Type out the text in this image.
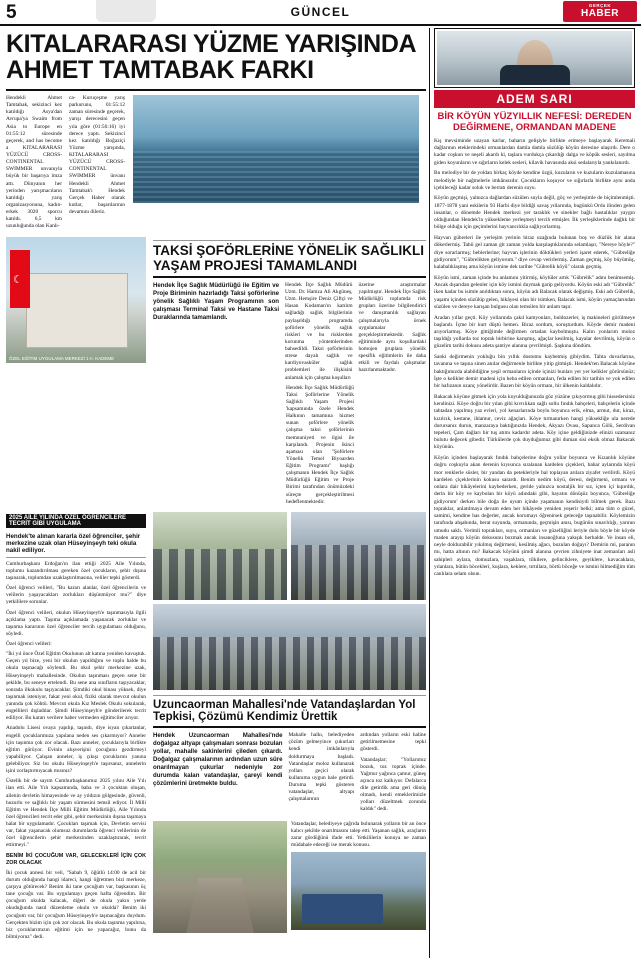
5	GÜNCEL	GERÇEK
HABER
KITALARARASI YÜZME YARIŞINDA AHMET TAMTABAK FARKI

Hendekli Ahmet Tamtabak, sekizinci kez katıldığı Asya'dan Avrupa'ya Swaim from Asia to Europe en 01:55:12 süresinde geçerek, and has become a KITALARARASI YÜZÜCÜ CROSS-CONTINENTAL SWIMMER unvanıyla büyük bir başarıya imza attı. Dünyanın her yerinden yarışmacıların katıldığı yarış organizasyonuna, kadın-erkek 3020 sporcu katıldı. 6,5 km uzunluğunda olan Kanlı-

ca- Kuruçeşme yarış parkurunu, 01:55:12 zaman süresinde geçerek, yarışı derecesini geçen yıla göre (01:56:16) iyi derece yaptı. Sekizinci kez katıldığı Boğaziçi Yüzme yarışında, KITALARARASI YÜZÜCÜ CROSS-CONTINENTAL SWIMMER ünvanı Hendekli Ahmet Tamtabak'ı Hendek Gerçek Haber olarak kutlar, başarılarının devamını dileriz.

☾
ÖZEL EĞİTİM UYGULAMA MERKEZİ 1-II. KADEME
TAKSİ ŞOFÖRLERİNE YÖNELİK SAĞLIKLI YAŞAM PROJESİ TAMAMLANDI
Hendek İlçe Sağlık Müdürlüğü ile Eğitim ve Proje Biriminin hazırladığı Taksi şoförlerine yönelik Sağlıklı Yaşam Programının son çalışması Terminal Taksi ve Hastane Taksi Duraklarında tamamlandı.

Hendek İlçe Sağlık Müdürü Uzm. Dr. Hamza Ali Akgüneş, Uzm. Hemşire Deniz Çiftçi ve Hasan Kodaman'ın katılım sağladığı sağlık bilgilerinin paylaşıldığı programda şoförlere yönelik sağlık riskleri ve bu risklerden korunma yöntemlerinden bahsedildi. Taksi şoförlerinin strese dayalı sağlık ve kardiyovasküler sağlık problemleri ile ilişkisini anlamak için çalışma koşulları

üzerine araştırmalar yapılmıştır. Hendek İlçe Sağlık Müdürlüğü toplumda risk grupları üzerine bilgilendirici ve danışmanlık sağlayan çalışmalarıyla örnek uygulamalar gerçekleştirmektedir. Sağlık eğitiminde aynı koşullardaki homojen gruplara yönelik spesifik eğitimlerin ile daha etkili ve faydalı çalışmalar hazırlanmaktadır.

Hendek İlçe Sağlık Müdürlüğü Taksi Şoförlerine Yönelik Sağlıklı Yaşam Projesi 'kapsamında özele Hendek Halkının tamamına hizmet sunan şoförlere yönelik çalışma taksi şoförlerinin memnuniyeti ve ilgisi ile karşılandı. Projenin ikinci aşaması olan "Şoförlere Yönelik Temel Biyoarden Eğitim Programı" başlığı çalışmanın Hendek İlçe Sağlık Müdürlüğü Eğitim ve Proje Birimi tarafından önümüzdeki süreçte gerçekleştirilmesi hedeflenmektedir.

2025 AİLE YILINDA ÖZEL ÖĞRENCİLERE TECRİT GİBİ UYGULAMA
Hendek'te alınan kararla özel öğrenciler, şehir merkezine uzak olan Hüseyinşeyh teki okula nakil ediliyor.

Cumhurbaşkanı Erdoğan'ın ilan ettiği 2025 Aile Yılında, toplumu kazandırılması gereken özel çocukların, şehir dışına taşınarak, toplumdan uzaklaştırılmasına, veliler tepki gösterdi.

Özel öğrenci velileri, "Bu kararı alanlar, özel öğrencilerin ve velilerin yaşayacakları zorlukları düşünmüyor mu?" diye yetkililere sorunlar.

Özel öğrenci velileri, okulun Hüseyinşeyh'e taşınmasıyla ilgili açıklama yaptı. Taşıma açıklamada yaşanacak zorluklar ve taşınma kararının özel öğrenciler tercih uygulaması olduğunu, söyledi.

Özel öğrenci velileri:

"İki yıl önce Özel Eğitim Okulunun alt katına yeniden kavuştuk. Geçen yıl bize, yeni bir okulun yapıldığını ve toplu halde bu okula taşınacağı söylendi. Bu okul şehir merkezine uzak, Hüseyinşeyh mahallesinde. Okulun taşınması geçen sene bir şekilde, bu seneye ertelendi. Bu sene ana sınıfların taşıyacaklar, sonrada ilkokulu taşıyacaklar. Şimdiki okul binası yüksek, diye taşınmak isteniyor, fakat yeni okul, fiziki olarak mevcut okulun yanında çok köhtü. Mevcut okula Kız Meslek Okulu sokularak, engellileri dışladılar. Şimdi Hüseyinşeyh'e gönderilerek tecrit ediliyor. Bu kararı verilere haber vermeden eğitimciler arıyor.

Anadolu Lisesi ovaya yapılıp, taşındı, diye isyan çıkartanlar, engelli çocuklarımıza yapılana neden ses çıkarmıyor? Anneler için taşınma çok zor olacak. Bazı anneler, çocuklarıyla birlikte eğitim görüyor. Evinin alışverişini çocuğunu gezdirmeyi yapabiliyor. Çalışan anneler, iş çıkışı çocuklarını yanına gelebiliyor. Siz bu okulu Hüseyinşeyh'e taşırsanız, annelerin işini zorlaştırmıyacak mısınız?

Üstelik bir de sayım Cumhurbaşkanımız 2025 yılını Aile Yılı ilan etti. Aile Yılı kapsamında, baba ve 3 çocuktan oluşan, ailenin devletin himayesinde ve ay yıldızın gölgesinde, güvenli, huzurlu ve sağlıklı bir yaşam sürmesini temsil ediyor. İl Milli Eğitim ve Hendek İlçe Milli Eğitim Müdürlüğü, Aile Yılında özel öğrencileri tecrit eder gibi, şehir merkezinin dışına taşımaya halat bir uygulamadır. Çocukları taşımak için, Devletin servisi var, fakat yaşanacak olumsuz durumlarda öğrenci velilerinin de özel öğrencilerin şehir merkezinden uzaklaştırarak, tecrit ettirmeyi."

BENİM İKİ ÇOCUĞUM VAR, GELECEKLERİ İÇİN ÇOK ZOR OLACAK

İki çocuk annesi bir veli, "Sabah 9, öğütlü 14:00 de acil bir durum olduğunda hangi idareci, hangi öğretmen bizi merkeze, çarşıya götürecek? Benim iki tane çocuğum var, başkasının üç tane çocuğu var. Bu uygulamayı geçen hafta öğrendim. Bir çocuğum okulda kalacak, diğeri de okula yakın yerde okuduğunda nasıl düzenleme okulu ve okulda? Benim iki çocuğum var, bir çocuğum Hüseyinşeyh'e taşınacağını duydum. Gerçekten bizim için çok zor olacak. Bu okula taşınma yapılırsa, biz çocuklarımızın eğitimi için ne yapacağız, bunu da bilmiyoruz" dedi.

Uzuncaorman Mahallesi'nde Vatandaşlardan Yol Tepkisi, Çözümü Kendimiz Ürettik
Hendek Uzuncaorman Mahallesi'nde doğalgaz altyapı çalışmaları sonrası bozulan yollar, mahalle sakinlerini çileden çıkardı. Doğalgaz çalışmalarının ardından uzun süre onarılmayan çukurlar nedeniyle zor durumda kalan vatandaşlar, çareyi kendi çözümlerini üretmekte buldu.

Mahalle halkı, belediyeden çözüm gelmeyince çukurları kendi imkânlarıyla doldurmaya başladı. Vatandaşlar moloz kullanarak yolları geçici olarak kullanıma uygun hale getirdi. Duruma tepki gösteren vatandaşlar, altyapı çalışmalarının

ardından yolların eski haline getirilmemesine tepki gösterdi.

Vatandaşlar; "Yollarımız bozuk, toz toprak içinde. Yağmur yağınca çamur, güneş açınca toz kalkıyor. Defalarca dile getirdik ama geri dönüş olmadı, kendi emeklerimizle yolları düzeltmek zorunda kaldık" dedi.

Vatandaşlar, belediyeye çağrıda bulunarak yolların bir an önce kalıcı şekilde onarılmasını talep etti. Yaşanan sağlık, araçların zarar gördüğünü ifade etti. Yetkililerin konuya ne zaman müdahale edeceği ise merak konusu.

ADEM SARI
BİR KÖYÜN YÜZYILLIK NEFESİ: DEREDEN DEĞİRMENE, ORMANDAN MADENE

Kış mevsiminde uzayan karlar, baharın gelişiyle birlikte erimeye başlayarak Keremali dağlarının eteklerindeki ormanlardan damla damla süzülüp köyün deresine ulaşırdı. Dere o kadar coşkun ve neşeli akardı ki, taşlara vurdukça çıkardığı dalga ve köpük sesleri, sayılma giden koyunların ve sığırların kelek sesleri, kilavik havasında aksi sedalarıyla yankılanırdı.

Bu melodiye bir de yoldan birkaç köyde kendine özgü, kuzuların ve kuzuların kuzulamasına melodiyle bir nağmelerle imkânsızdır. Çocukların koşuyor ve sığırlarla birlikte aynı anda içebileceği kadar soluk ve berratı derenin suyu.

Köyün geçmişi, yalnızca dağlardan süzülen suyla değil, göç ve yerleşimle de biçimlenmişti. 1877-1878 yani eskilerin 93 Harbi diye bildiği savaş yıllarında, bugünkü Ordu ilinden gelen insanlar, o dönemde Hendek merkezi yer taraklık ve sinekler bağlı hastalıklar yaygın olduğundan Hendek'in yüksekleme yerleşmeyi tercih etmişler. İlk yerleşiklerinde dağlık bir bölge olduğu için geçimlerini hayvancılıkla sağlıyorlarmış.

Hayvan gübreleri ile yerleşim yerinin biraz uzağında bulunan boş ve düzlük bir alana dökerlermiş. Tabii gel zaman git zaman yolda karşılaştıklarında selamlaşır, "Nereye böyle?" diye sorarlarmış; beblerlerine; hayvan işlerinin döktükleri yerleri işaret ederek, "Gübreliğe gidiyorum", "Gübrelikten geliyorum." diye cevap verirlermiş. Zaman geçmiş, köy büyümüş, kalabalıklaşmış ama köyün ismine dek tarihte "Gübrelik köyü" olarak geçmiş.

Köyün ismi, zaman içinde bu anlamını yitirmiş, köylüler artık "Gübrelik" adını benimsemiş. Ancak dışarıdan gelenler için köy ismini duymak garip geliyordu. Köyün eski adı "Gübrelik" iken kadar bu isimle anıldıktan sonra, köyün adı Balacak olarak değişmiş. Eski adı Gübrelik, yaşamı içinden süzülüp gelen, hikâyesi olan bir isimken, Balacak ismi, köyün yamaçlarından süzülen ve dereye karışan bulgusu olan temsilen bir anlam taşır.

Aradan yıllar geçti. Köy yollarında çakıl kamyonları, buldozerler, iş makineleri görülmeye başlandı. İçme bir kurt düştü hemen. Biraz sordum, soruşturdum. Köyde demir madeni arıyorlarmış. Köye gittiğimde değirmen ortadan kaybolmuştu. Kalın yonlarım moloz taşıldığı yollarda toz toprak birbirine karışmış, ağaçlar kesilmiş, kayalar devrilmiş, köyün o güzelim tarihi dokusu adeta şantiye alanına çevrilmişti. Şaşkına döndüm.

Sanki değirmenin yokluğu bin yıllık dostumu kaybetmiş gibiydim. Tahta duvarlarına, tavanına ve taşına sinen anılar değirmenle birlikte yitip gitmişti. Hendek'ten Balacak köyüne baktığımızda alabildiğine yeşil ormanların içinde içinizi bunları yer yer kelikler görürsünüz; İşte o kelikler demir madeni için heba edilen ormanları, feda edilen bir tarihin ve yok edilen bir hafızanın uzanç yönelirdir. Bazen bir köyün ormanı, bir ülkenin kaldalıdır.

Bakacak köyüne gitmek için yola koyulduğunuzda göz yüzüne çıkıyormuş gibi hissedersiniz kendinizi. Köye doğru bir yılan gibi kıvrılıkan sağlı sollu fındık bahçeleri, bahçelerin içinde tahtadan yapılmış yaz evleri, yol kenarlarında boylu boyunca erik, elma, armut, dut, kiraz, kızılcık, kestane, ihlamur, ceviz ağaçları. Köye tırmanırken hangi yüksekliğe ula nerede durursanız durun, manzaraya baktığınızda Hendek, Akyazı Ovası, Sapanca Gölü, Serdivan tepeleri, Çam dağları bir tuş atımı kadardır adeta. Köy içine geldiğinizde elinizi uzatsanız bulutu değecek gibedir. Türkülerde çok duyduğumuz gibi duman sisi eksik olmaz Bakacak köyünün.

Köyün içinden başlayarak fındık bahçelerine doğru yollar boyunca ve Kızanlık köyüne doğru coşkuyla akan derenin kıyısınca sıralanan kardelen çiçekleri, bahar aylarında köyü mor renklerle süsler, bir yandan da petekleriyle bal toplayan arılara ziyafet verilirdi. Köyü kardelen çiçeklerinin kokusu sarardı. Benim nedim köyü, deresi, değirmeni, ormanı ve onlara dair hikâyelerini kaybederken, geride yalnızca nostaljik bir sız, içten içi kıpırdık, derin bir köy ve kaybolan bir köyü adındaki gibi, hayatın dönüşüz boyunca, 'Gübreliğe gidiyorum' derken bile doğa ile uyum içinde yaşamanın kendisiydi bilmek gerek. Bazı topraklar, anlatılmaya devam eden her hikâyede yeniden yeşerir belki; ama tüm o güzel, samimi, kendine has değerler, ancak korumayı öğrenirsek geleceğe taşınabilir. Köylemizin tarafında ahşabında, berat suyunda, ormanında, geçmişin anısı, bugünün sınavlılığı, yarının umudu saklı. Verimli toprakları, suyu, ormanları ve güzelliğini leriyle dolu böyle bir köyde maden arayıp köyün dokusunu bozmak ancak insanoğluna yakışık herhalde. Ve insan eli, neyle doldurabilir yıkılmış değirmeni, kesilmiş ağacı, bozulan doğayı? Demirin mi, paranın mı, hatta altının mı? Bakacak köyünü şimdi alanına çevrien zihniyete inat zemanları asli sahipleri aylara, domuzlara, vaşaklara, tilkilere, gelinciklere, geyiklere, kavacaklara, yılanlara, bütün böcekleri, kuşlara, keklere, tırtıllara, börtü böceğe ve ismini bilmediğim tüm canlılara selam olsun.
